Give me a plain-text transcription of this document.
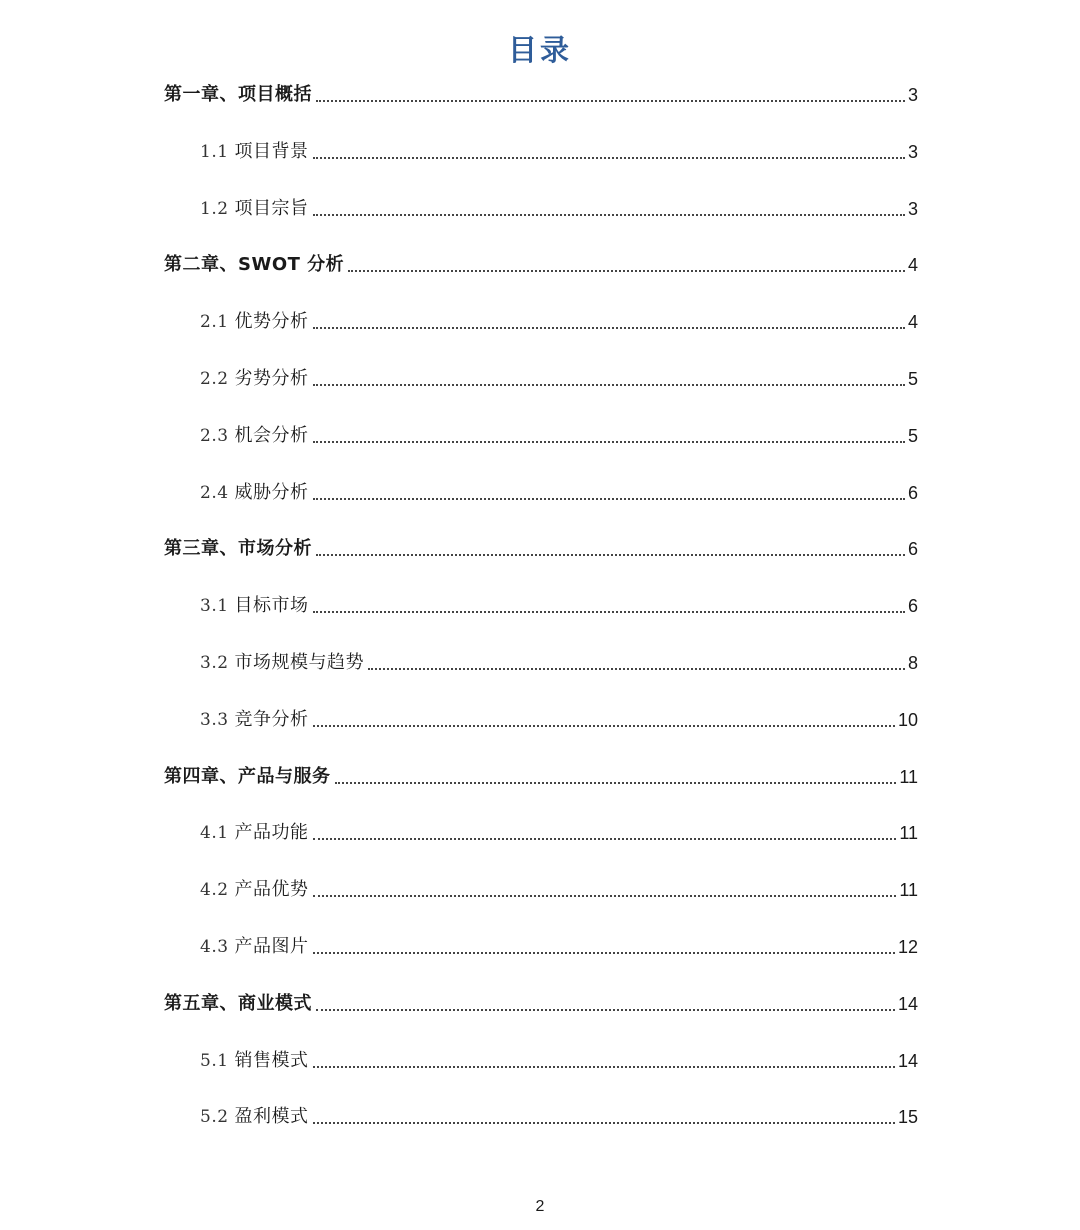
目录
第一章、项目概括	3
1.1 项目背景	3
1.2 项目宗旨	3
第二章、SWOT 分析	4
2.1 优势分析	4
2.2 劣势分析	5
2.3 机会分析	5
2.4 威胁分析	6
第三章、市场分析	6
3.1 目标市场	6
3.2 市场规模与趋势	8
3.3 竞争分析	10
第四章、产品与服务	11
4.1 产品功能	11
4.2 产品优势	11
4.3 产品图片	12
第五章、商业模式	14
5.1 销售模式	14
5.2 盈利模式	15
2
